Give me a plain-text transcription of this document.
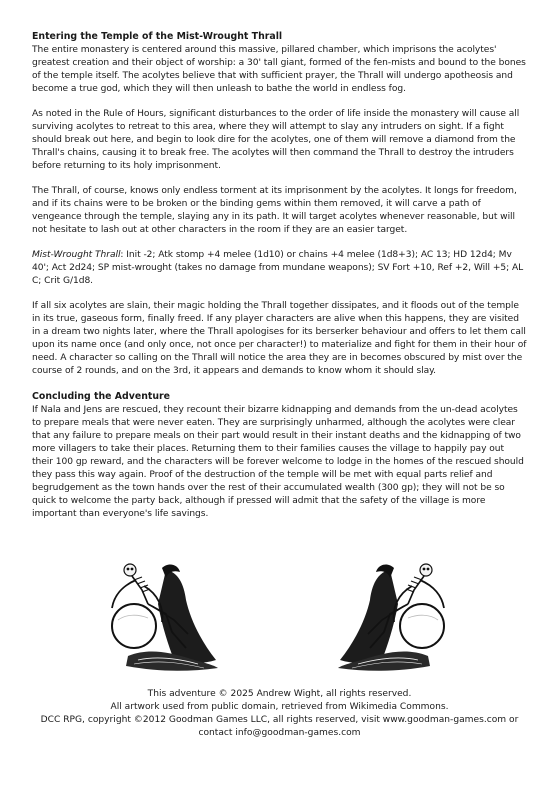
Entering the Temple of the Mist-Wrought Thrall

The entire monastery is centered around this massive, pillared chamber, which imprisons the acolytes' greatest creation and their object of worship: a 30' tall giant, formed of the fen-mists and bound to the bones of the temple itself. The acolytes believe that with sufficient prayer, the Thrall will undergo apotheosis and become a true god, which they will then unleash to bathe the world in endless fog.

As noted in the Rule of Hours, significant disturbances to the order of life inside the monastery will cause all surviving acolytes to retreat to this area, where they will attempt to slay any intruders on sight. If a fight should break out here, and begin to look dire for the acolytes, one of them will remove a diamond from the Thrall's chains, causing it to break free. The acolytes will then command the Thrall to destroy the intruders before returning to its holy imprisonment.

The Thrall, of course, knows only endless torment at its imprisonment by the acolytes. It longs for freedom, and if its chains were to be broken or the binding gems within them removed, it will carve a path of vengeance through the temple, slaying any in its path. It will target acolytes whenever reasonable, but will not hesitate to lash out at other characters in the room if they are an easier target.

Mist-Wrought Thrall: Init -2; Atk stomp +4 melee (1d10) or chains +4 melee (1d8+3); AC 13; HD 12d4; Mv 40'; Act 2d24; SP mist-wrought (takes no damage from mundane weapons); SV Fort +10, Ref +2, Will +5; AL C; Crit G/1d8.

If all six acolytes are slain, their magic holding the Thrall together dissipates, and it floods out of the temple in its true, gaseous form, finally freed. If any player characters are alive when this happens, they are visited in a dream two nights later, where the Thrall apologises for its berserker behaviour and offers to let them call upon its name once (and only once, not once per character!) to materialize and fight for them in their hour of need. A character so calling on the Thrall will notice the area they are in becomes obscured by mist over the course of 2 rounds, and on the 3rd, it appears and demands to know whom it should slay.

Concluding the Adventure

If Nala and Jens are rescued, they recount their bizarre kidnapping and demands from the un-dead acolytes to prepare meals that were never eaten. They are surprisingly unharmed, although the acolytes were clear that any failure to prepare meals on their part would result in their instant deaths and the kidnapping of two more villagers to take their places. Returning them to their families causes the village to happily pay out their 100 gp reward, and the characters will be forever welcome to lodge in the homes of the rescued should they pass this way again. Proof of the destruction of the temple will be met with equal parts relief and begrudgement as the town hands over the rest of their accumulated wealth (300 gp); they will not be so quick to welcome the party back, although if pressed will admit that the safety of the village is more important than everyone's life savings.

This adventure © 2025 Andrew Wight, all rights reserved.
All artwork used from public domain, retrieved from Wikimedia Commons.
DCC RPG, copyright ©2012 Goodman Games LLC, all rights reserved, visit www.goodman-games.com or
contact info@goodman-games.com
